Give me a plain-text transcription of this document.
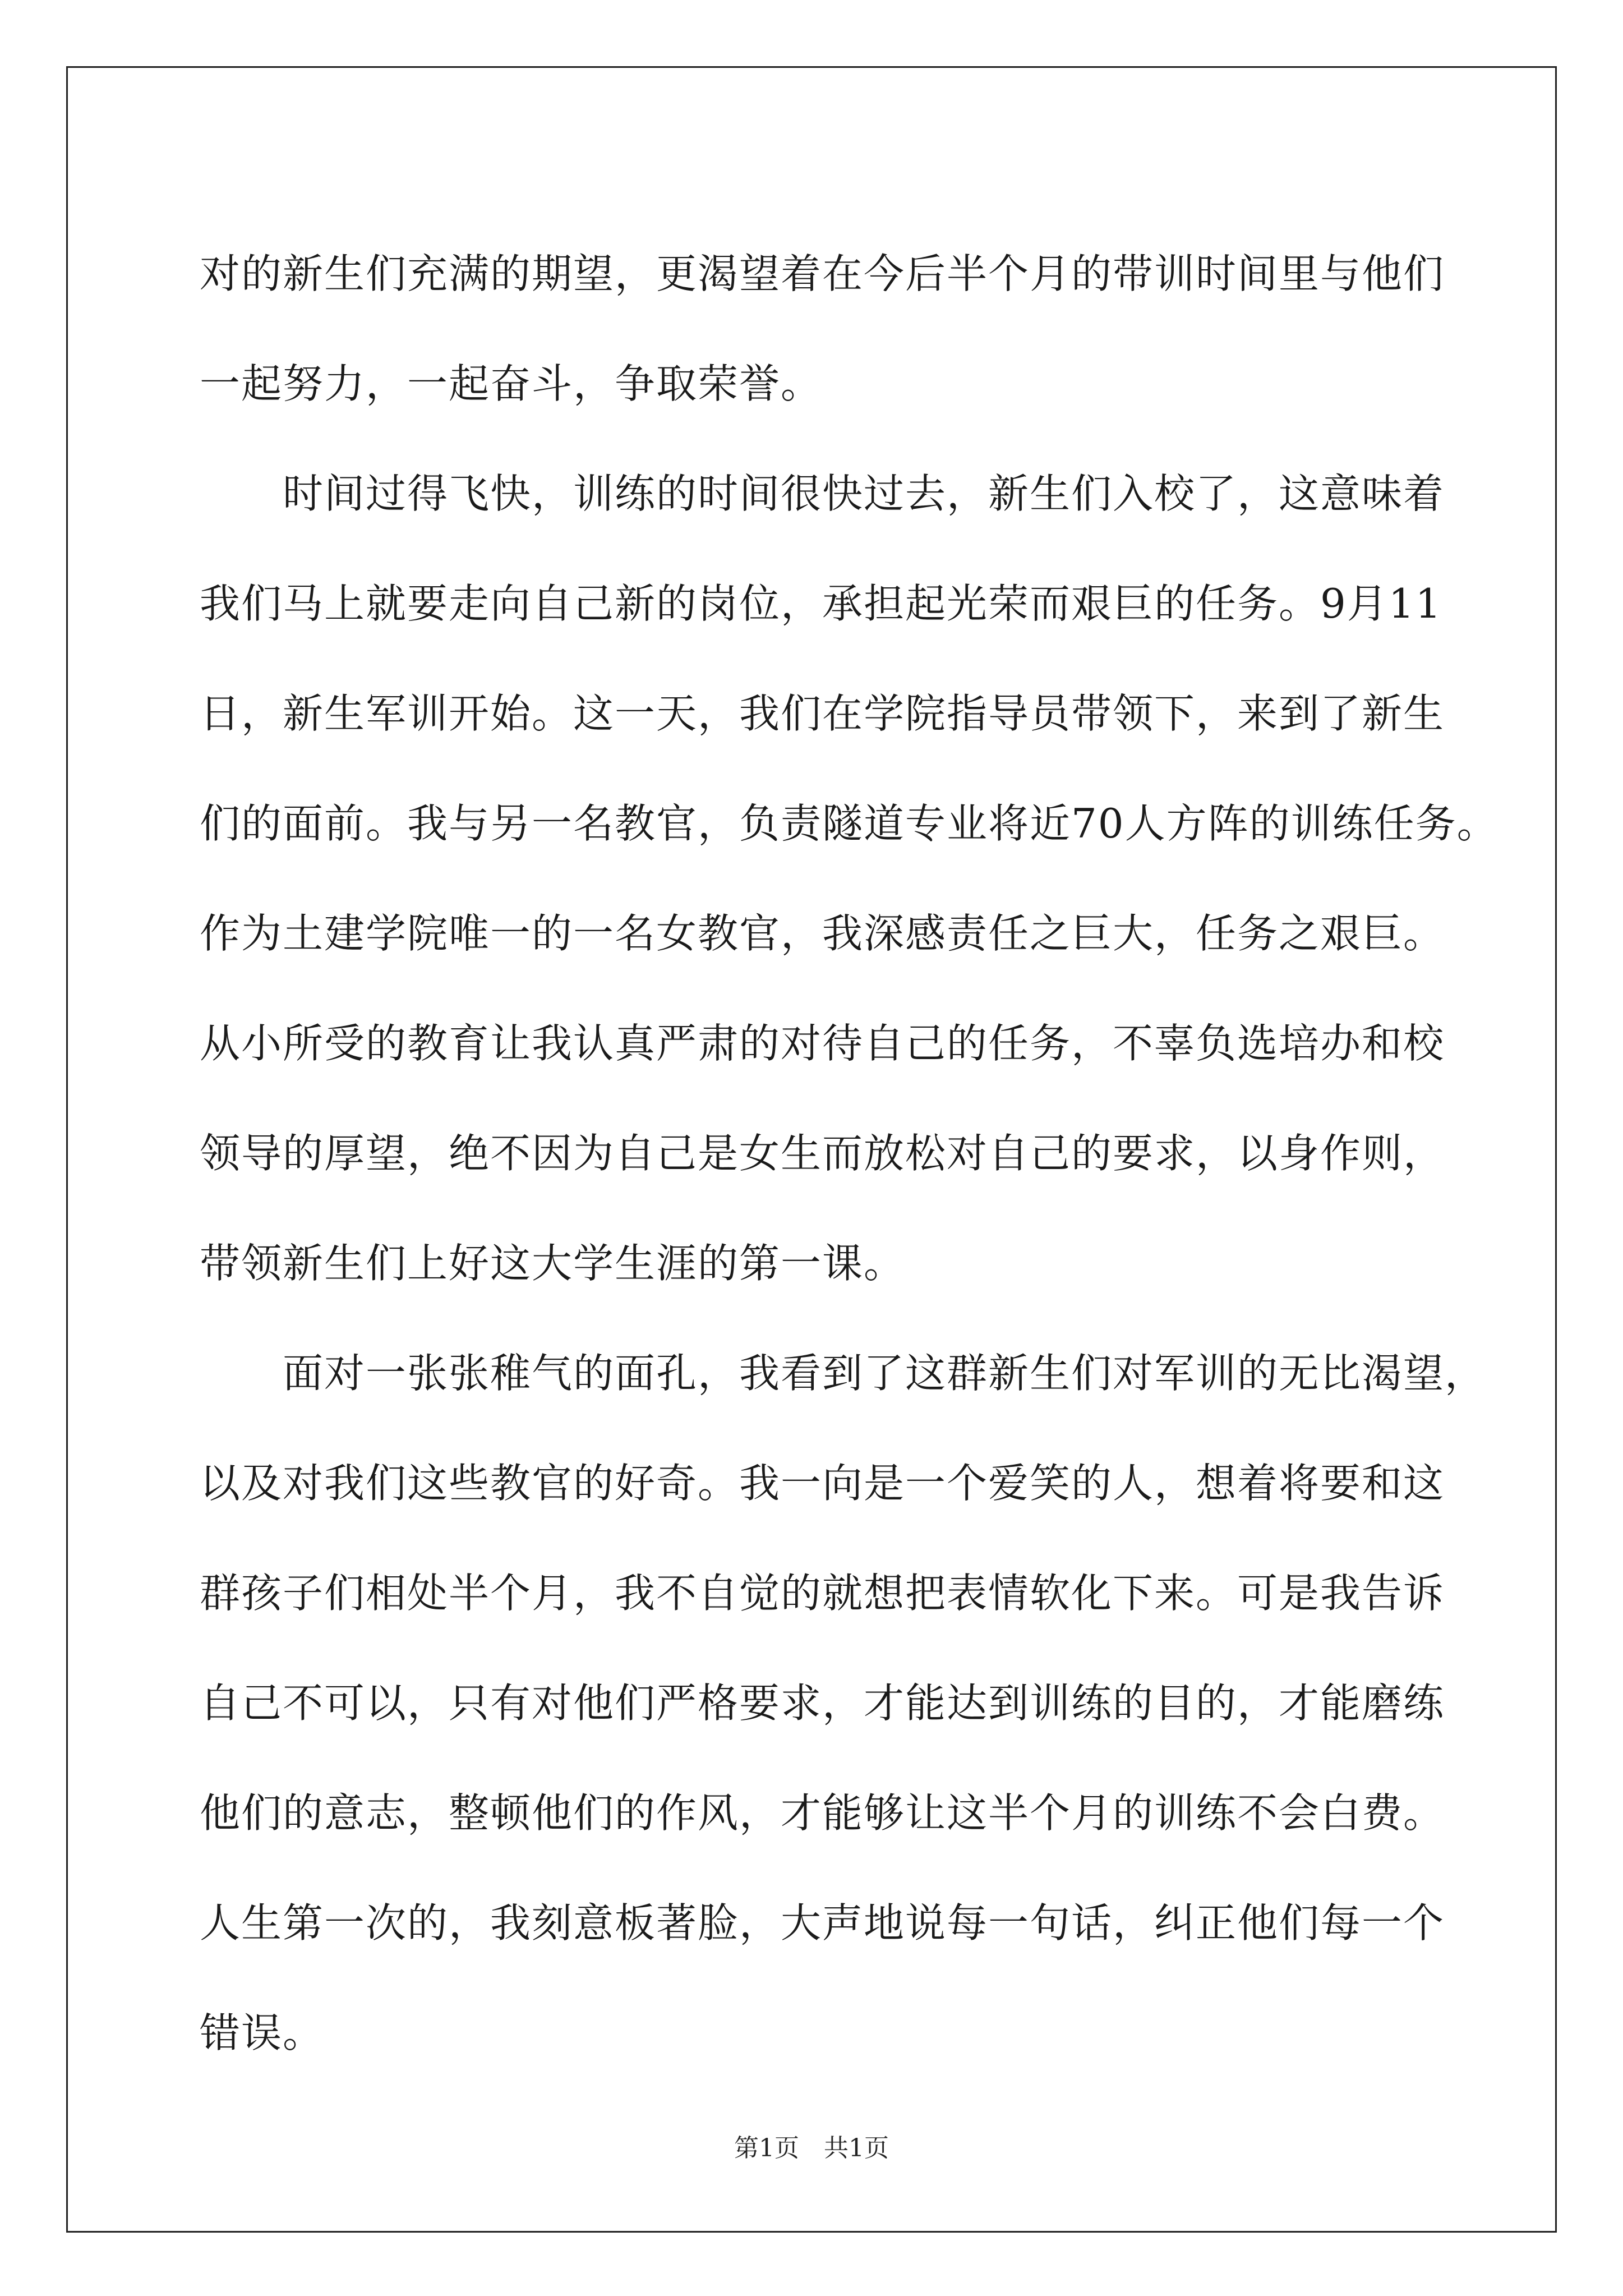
对的新生们充满的期望，更渴望着在今后半个月的带训时间里与他们
一起努力，一起奋斗，争取荣誉。
　　时间过得飞快，训练的时间很快过去，新生们入校了，这意味着
我们马上就要走向自己新的岗位，承担起光荣而艰巨的任务。9月11
日，新生军训开始。这一天，我们在学院指导员带领下，来到了新生
们的面前。我与另一名教官，负责隧道专业将近70人方阵的训练任务。
作为土建学院唯一的一名女教官，我深感责任之巨大，任务之艰巨。
从小所受的教育让我认真严肃的对待自己的任务，不辜负选培办和校
领导的厚望，绝不因为自己是女生而放松对自己的要求，以身作则，
带领新生们上好这大学生涯的第一课。
　　面对一张张稚气的面孔，我看到了这群新生们对军训的无比渴望，
以及对我们这些教官的好奇。我一向是一个爱笑的人，想着将要和这
群孩子们相处半个月，我不自觉的就想把表情软化下来。可是我告诉
自己不可以，只有对他们严格要求，才能达到训练的目的，才能磨练
他们的意志，整顿他们的作风，才能够让这半个月的训练不会白费。
人生第一次的，我刻意板著脸，大声地说每一句话，纠正他们每一个
错误。
第1页　共1页
